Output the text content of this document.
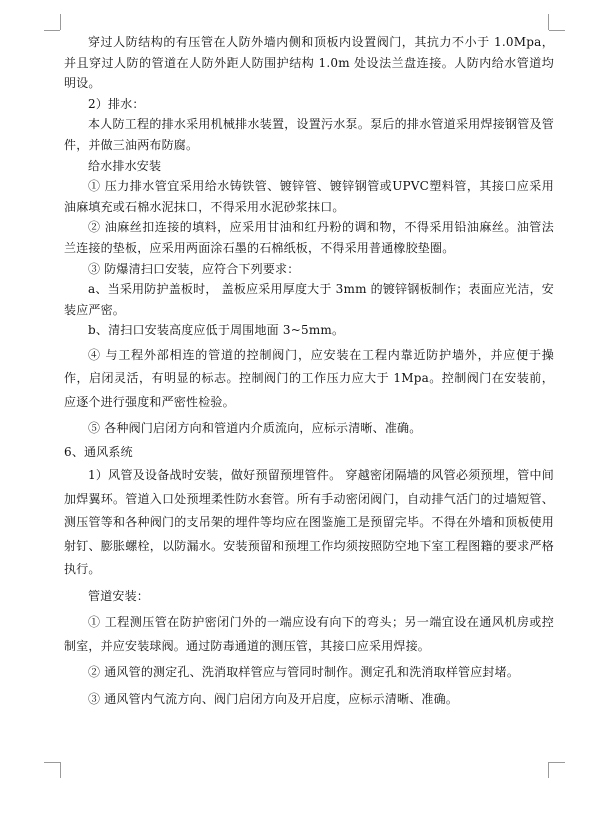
穿过人防结构的有压管在人防外墙内侧和顶板内设置阀门，其抗力不小于 1.0Mpa，并且穿过人防的管道在人防外距人防围护结构 1.0m 处设法兰盘连接。人防内给水管道均明设。

2）排水：

本人防工程的排水采用机械排水装置，设置污水泵。泵后的排水管道采用焊接钢管及管件，并做三油两布防腐。

给水排水安装

① 压力排水管宜采用给水铸铁管、镀锌管、镀锌钢管或UPVC塑料管，其接口应采用油麻填充或石棉水泥抹口，不得采用水泥砂浆抹口。

② 油麻丝扣连接的填料，应采用甘油和红丹粉的调和物，不得采用铅油麻丝。油管法兰连接的垫板，应采用两面涂石墨的石棉纸板，不得采用普通橡胶垫圈。

③ 防爆清扫口安装，应符合下列要求：

a、当采用防护盖板时， 盖板应采用厚度大于 3mm 的镀锌钢板制作；表面应光洁，安装应严密。

b、清扫口安装高度应低于周围地面 3~5mm。

④ 与工程外部相连的管道的控制阀门，应安装在工程内靠近防护墙外，并应便于操作，启闭灵活，有明显的标志。控制阀门的工作压力应大于 1Mpa。控制阀门在安装前，应逐个进行强度和严密性检验。

⑤ 各种阀门启闭方向和管道内介质流向，应标示清晰、准确。

6、通风系统

1）风管及设备战时安装，做好预留预埋管件。 穿越密闭隔墙的风管必须预埋，管中间加焊翼环。管道入口处预埋柔性防水套管。所有手动密闭阀门，自动排气活门的过墙短管、测压管等和各种阀门的支吊架的埋件等均应在图鉴施工是预留完毕。不得在外墙和顶板使用射钉、膨胀螺栓，以防漏水。安装预留和预埋工作均须按照防空地下室工程图籍的要求严格执行。

管道安装：

① 工程测压管在防护密闭门外的一端应设有向下的弯头；另一端宜设在通风机房或控制室，并应安装球阀。通过防毒通道的测压管，其接口应采用焊接。

② 通风管的测定孔、洗消取样管应与管同时制作。测定孔和洗消取样管应封堵。

③ 通风管内气流方向、阀门启闭方向及开启度，应标示清晰、准确。
